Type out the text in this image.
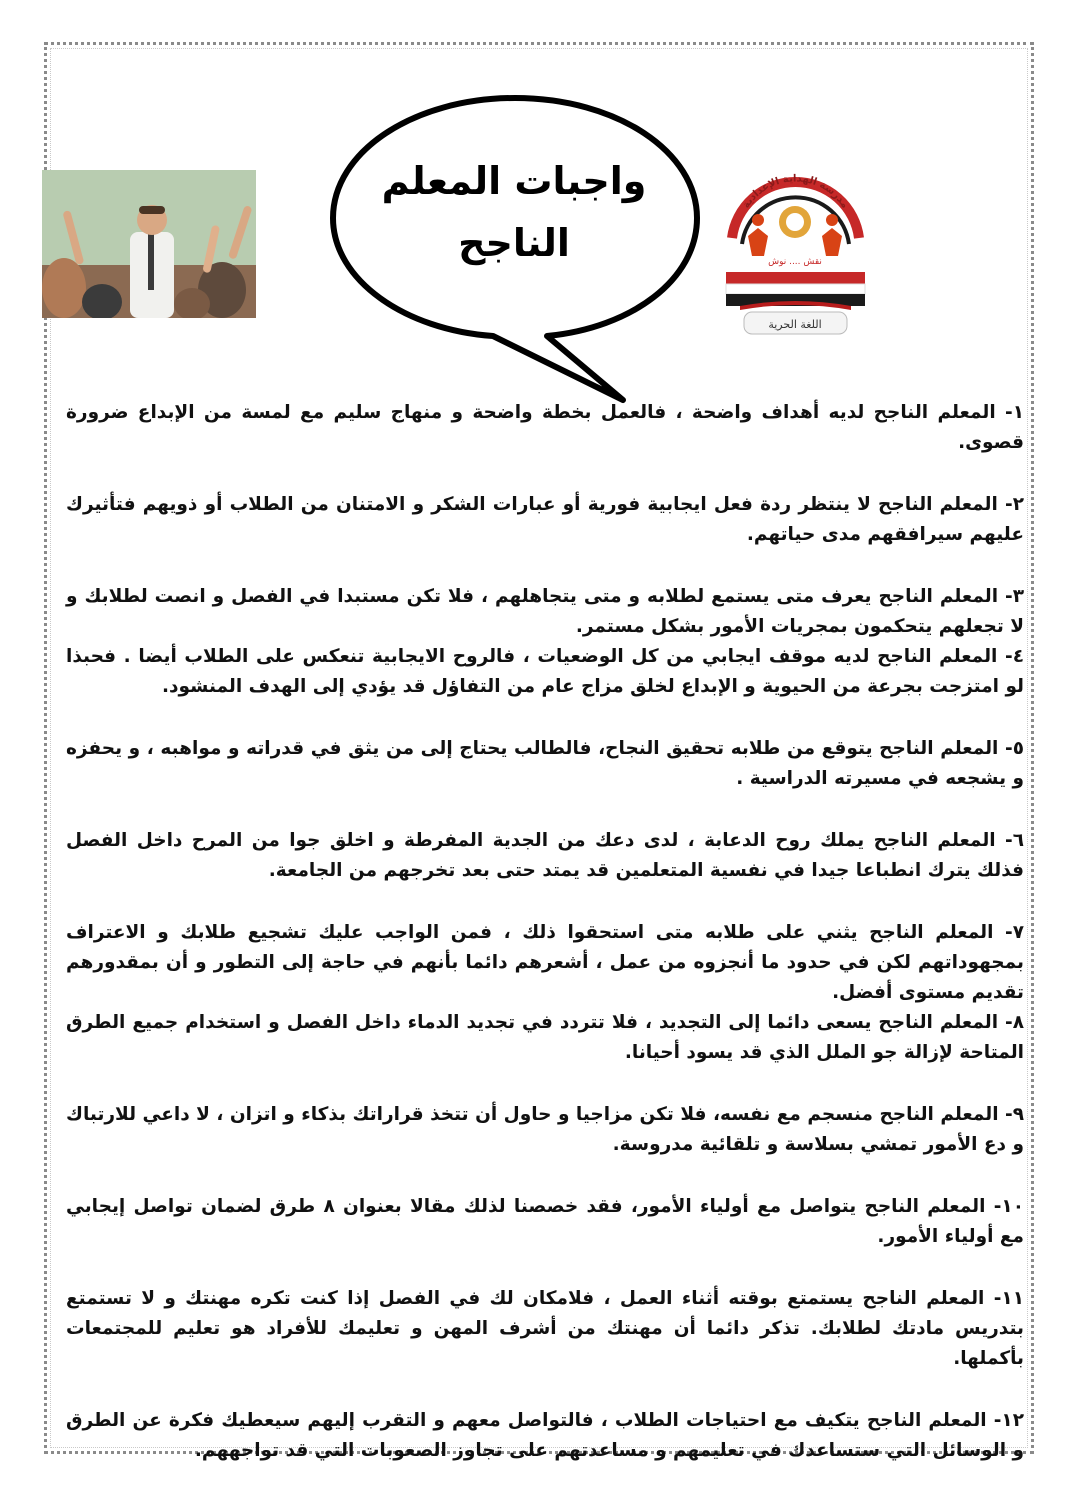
واجبات المعلم
الناجح
مدرسة الهداية الإعدادية
نقش .... نوش
اللغة الحرية

١- المعلم الناجح لديه أهداف واضحة ، فالعمل بخطة واضحة و منهاج سليم مع لمسة من الإبداع ضرورة قصوى.

٢- المعلم الناجح لا ينتظر ردة فعل ايجابية فورية أو عبارات الشكر و الامتنان من الطلاب أو ذويهم فتأثيرك عليهم سيرافقهم مدى حياتهم.

٣- المعلم الناجح يعرف متى يستمع لطلابه و متى يتجاهلهم ، فلا تكن مستبدا في الفصل و انصت لطلابك و لا تجعلهم يتحكمون بمجريات الأمور بشكل مستمر.

٤- المعلم الناجح لديه موقف ايجابي من كل الوضعيات ، فالروح الايجابية تنعكس على الطلاب أيضا . فحبذا لو امتزجت بجرعة من الحيوية و الإبداع لخلق مزاج عام من التفاؤل قد يؤدي إلى الهدف المنشود.

٥- المعلم الناجح يتوقع من طلابه تحقيق النجاح، فالطالب يحتاج إلى من يثق في قدراته و مواهبه ، و يحفزه و يشجعه في مسيرته الدراسية .

٦- المعلم الناجح يملك روح الدعابة ، لدى دعك من الجدية المفرطة و اخلق جوا من المرح داخل الفصل فذلك يترك انطباعا جيدا في نفسية المتعلمين قد يمتد حتى بعد تخرجهم من الجامعة.

٧- المعلم الناجح يثني على طلابه متى استحقوا ذلك ، فمن الواجب عليك تشجيع طلابك و الاعتراف بمجهوداتهم لكن في حدود ما أنجزوه من عمل ، أشعرهم دائما بأنهم في حاجة إلى التطور و أن بمقدورهم تقديم مستوى أفضل.

٨- المعلم الناجح يسعى دائما إلى التجديد ، فلا تتردد في تجديد الدماء داخل الفصل و استخدام جميع الطرق المتاحة لإزالة جو الملل الذي قد يسود أحيانا.

٩- المعلم الناجح منسجم مع نفسه، فلا تكن مزاجيا و حاول أن تتخذ قراراتك بذكاء و اتزان ، لا داعي للارتباك و دع الأمور تمشي بسلاسة و تلقائية مدروسة.

١٠- المعلم الناجح يتواصل مع أولياء الأمور، فقد خصصنا لذلك مقالا بعنوان ٨ طرق لضمان تواصل إيجابي مع أولياء الأمور.

١١- المعلم الناجح يستمتع بوقته أثناء العمل ، فلامكان لك في الفصل إذا كنت تكره مهنتك و لا تستمتع بتدريس مادتك لطلابك. تذكر دائما أن مهنتك من أشرف المهن و تعليمك للأفراد هو تعليم للمجتمعات بأكملها.

١٢- المعلم الناجح يتكيف مع احتياجات الطلاب ، فالتواصل معهم و التقرب إليهم سيعطيك فكرة عن الطرق و الوسائل التي ستساعدك في تعليمهم و مساعدتهم على تجاوز الصعوبات التي قد تواجههم.
